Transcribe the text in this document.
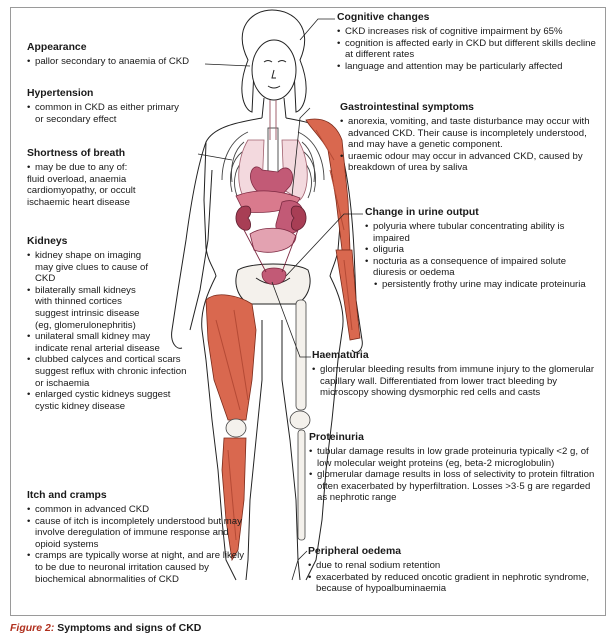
Appearance
• pallor secondary to anaemia of CKD
Hypertension
• common in CKD as either primary or secondary effect
Shortness of breath
• may be due to any of:
fluid overload, anaemia
cardiomyopathy, or occult
ischaemic heart disease
Kidneys
• kidney shape on imaging may give clues to cause of CKD
• bilaterally small kidneys with thinned cortices suggest intrinsic disease (eg, glomerulonephritis)
• unilateral small kidney may indicate renal arterial disease
• clubbed calyces and cortical scars suggest reflux with chronic infection or ischaemia
• enlarged cystic kidneys suggest cystic kidney disease
Itch and cramps
• common in advanced CKD
• cause of itch is incompletely understood but may involve deregulation of immune response and opioid systems
• cramps are typically worse at night, and are likely to be due to neuronal irritation caused by biochemical abnormalities of CKD
Cognitive changes
• CKD increases risk of cognitive impairment by 65%
• cognition is affected early in CKD but different skills decline at different rates
• language and attention may be particularly affected
Gastrointestinal symptoms
• anorexia, vomiting, and taste disturbance may occur with advanced CKD. Their cause is incompletely understood, and may have a genetic component.
• uraemic odour may occur in advanced CKD, caused by breakdown of urea by saliva
Change in urine output
• polyuria where tubular concentrating ability is impaired
• oliguria
• nocturia as a consequence of impaired solute diuresis or oedema
• persistently frothy urine may indicate proteinuria
Haematuria
• glomerular bleeding results from immune injury to the glomerular capillary wall. Differentiated from lower tract bleeding by microscopy showing dysmorphic red cells and casts
Proteinuria
• tubular damage results in low grade proteinuria typically <2 g, of low molecular weight proteins (eg, beta-2 microglobulin)
• glomerular damage results in loss of selectivity to protein filtration often exacerbated by hyperfiltration. Losses >3·5 g are regarded as nephrotic range
Peripheral oedema
• due to renal sodium retention
• exacerbated by reduced oncotic gradient in nephrotic syndrome, because of hypoalbuminaemia
Figure 2: Symptoms and signs of CKD
